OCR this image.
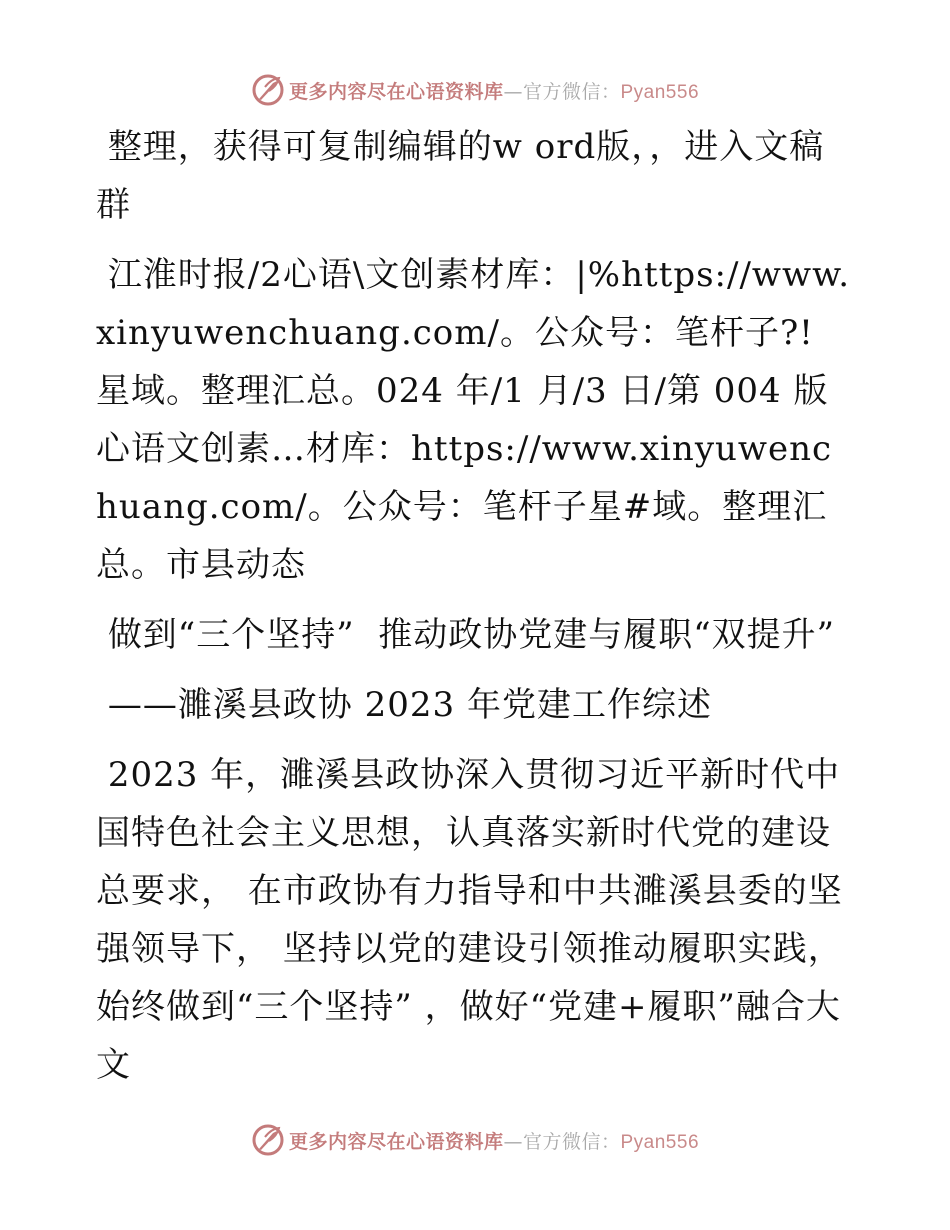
更多内容尽在心语资料库—官方微信：Pyan556

整理，获得可复制编辑的w ord版，，进入文稿群

江淮时报/2心语\文创素材库：|%https://www.xinyuwenchuang.com/。公众号：笔杆子?! 星域。整理汇总。024 年/1 月/3 日/第 004 版心语文创素…材库：https://www.xinyuwenchuang.com/。公众号：笔杆子星#域。整理汇总。市县动态

做到“三个坚持”  推动政协党建与履职“双提升”

——濉溪县政协 2023 年党建工作综述

2023 年，濉溪县政协深入贯彻习近平新时代中国特色社会主义思想，认真落实新时代党的建设总要求， 在市政协有力指导和中共濉溪县委的坚强领导下， 坚持以党的建设引领推动履职实践，始终做到“三个坚持” ，做好“党建+履职”融合大文

更多内容尽在心语资料库—官方微信：Pyan556
